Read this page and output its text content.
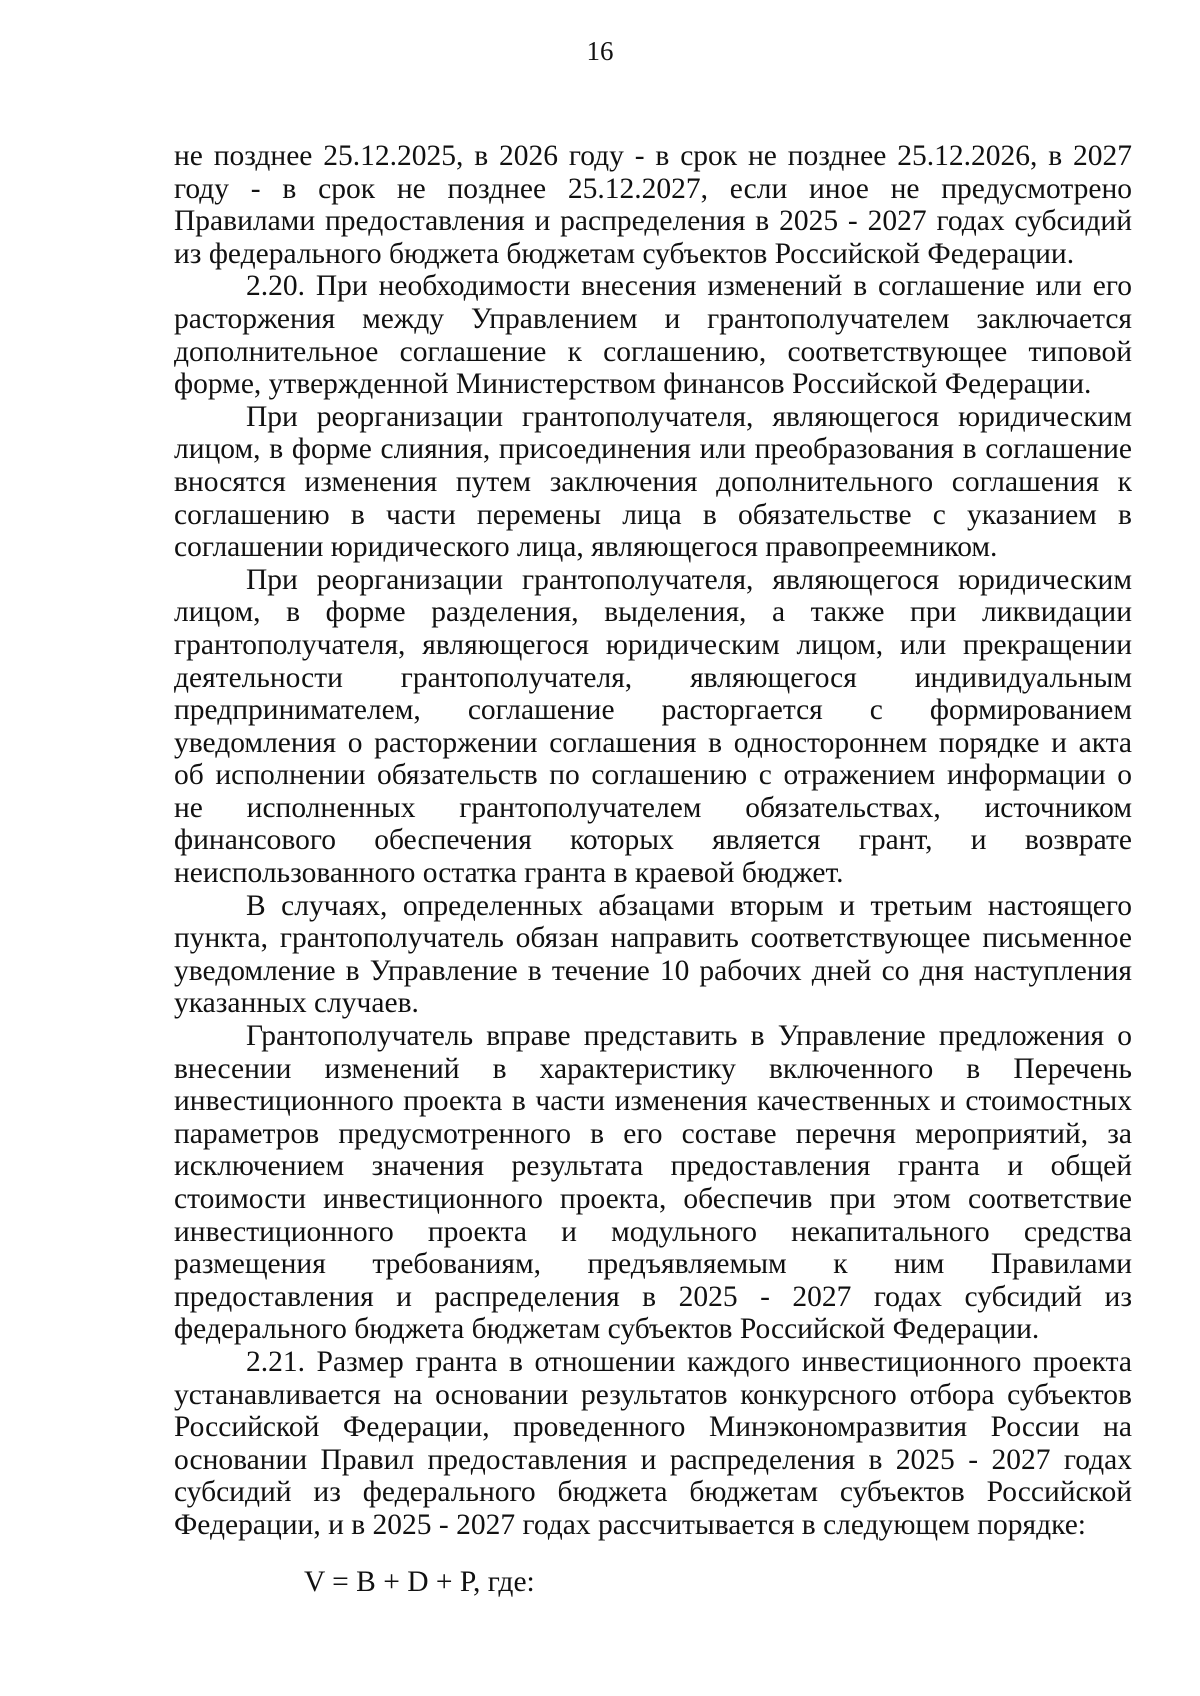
16

не позднее 25.12.2025, в 2026 году - в срок не позднее 25.12.2026, в 2027 году - в срок не позднее 25.12.2027, если иное не предусмотрено Правилами предоставления и распределения в 2025 - 2027 годах субсидий из федерального бюджета бюджетам субъектов Российской Федерации.

2.20. При необходимости внесения изменений в соглашение или его расторжения между Управлением и грантополучателем заключается дополнительное соглашение к соглашению, соответствующее типовой форме, утвержденной Министерством финансов Российской Федерации.

При реорганизации грантополучателя, являющегося юридическим лицом, в форме слияния, присоединения или преобразования в соглашение вносятся изменения путем заключения дополнительного соглашения к соглашению в части перемены лица в обязательстве с указанием в соглашении юридического лица, являющегося правопреемником.

При реорганизации грантополучателя, являющегося юридическим лицом, в форме разделения, выделения, а также при ликвидации грантополучателя, являющегося юридическим лицом, или прекращении деятельности грантополучателя, являющегося индивидуальным предпринимателем, соглашение расторгается с формированием уведомления о расторжении соглашения в одностороннем порядке и акта об исполнении обязательств по соглашению с отражением информации о не исполненных грантополучателем обязательствах, источником финансового обеспечения которых является грант, и возврате неиспользованного остатка гранта в краевой бюджет.

В случаях, определенных абзацами вторым и третьим настоящего пункта, грантополучатель обязан направить соответствующее письменное уведомление в Управление в течение 10 рабочих дней со дня наступления указанных случаев.

Грантополучатель вправе представить в Управление предложения о внесении изменений в характеристику включенного в Перечень инвестиционного проекта в части изменения качественных и стоимостных параметров предусмотренного в его составе перечня мероприятий, за исключением значения результата предоставления гранта и общей стоимости инвестиционного проекта, обеспечив при этом соответствие инвестиционного проекта и модульного некапитального средства размещения требованиям, предъявляемым к ним Правилами предоставления и распределения в 2025 - 2027 годах субсидий из федерального бюджета бюджетам субъектов Российской Федерации.

2.21. Размер гранта в отношении каждого инвестиционного проекта устанавливается на основании результатов конкурсного отбора субъектов Российской Федерации, проведенного Минэкономразвития России на основании Правил предоставления и распределения в 2025 - 2027 годах субсидий из федерального бюджета бюджетам субъектов Российской Федерации, и в 2025 - 2027 годах рассчитывается в следующем порядке:

V = B + D + P, где:
